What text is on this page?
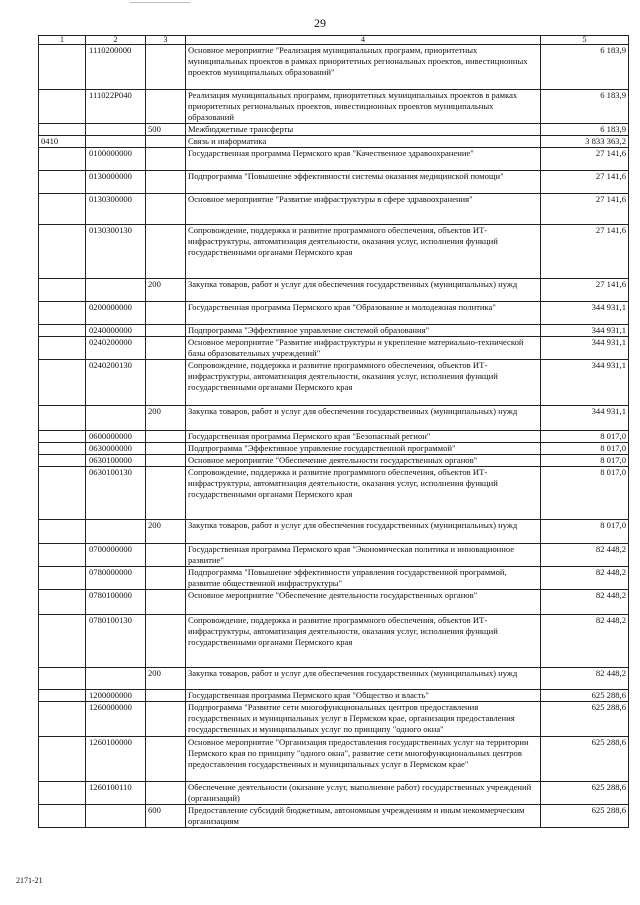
29
1	2	3	4	5
	1110200000		Основное мероприятие "Реализация муниципальных программ, приоритетных муниципальных проектов в рамках приоритетных региональных проектов, инвестиционных проектов муниципальных образований"	6 183,9
	111022P040		Реализация муниципальных программ, приоритетных муниципальных проектов в рамках приоритетных региональных проектов, инвестиционных проектов муниципальных образований	6 183,9
		500	Межбюджетные трансферты	6 183,9
0410			Связь и информатика	3 833 363,2
	0100000000		Государственная программа Пермского края "Качественное здравоохранение"	27 141,6
	0130000000		Подпрограмма "Повышение эффективности системы оказания медицинской помощи"	27 141,6
	0130300000		Основное мероприятие "Развитие инфраструктуры в сфере здравоохранения"	27 141,6
	0130300130		Сопровождение, поддержка и развитие программного обеспечения, объектов ИТ-инфраструктуры, автоматизация деятельности, оказания услуг, исполнения функций государственными органами Пермского края	27 141,6
		200	Закупка товаров, работ и услуг для обеспечения государственных (муниципальных) нужд	27 141,6
	0200000000		Государственная программа Пермского края "Образование и молодежная политика"	344 931,1
	0240000000		Подпрограмма "Эффективное управление системой образования"	344 931,1
	0240200000		Основное мероприятие "Развитие инфраструктуры и укрепление материально-технической базы образовательных учреждений"	344 931,1
	0240200130		Сопровождение, поддержка и развитие программного обеспечения, объектов ИТ-инфраструктуры, автоматизация деятельности, оказания услуг, исполнения функций государственными органами Пермского края	344 931,1
		200	Закупка товаров, работ и услуг для обеспечения государственных (муниципальных) нужд	344 931,1
	0600000000		Государственная программа Пермского края "Безопасный регион"	8 017,0
	0630000000		Подпрограмма "Эффективное управление государственной программой"	8 017,0
	0630100000		Основное мероприятие "Обеспечение деятельности государственных органов"	8 017,0
	0630100130		Сопровождение, поддержка и развитие программного обеспечения, объектов ИТ-инфраструктуры, автоматизация деятельности, оказания услуг, исполнения функций государственными органами Пермского края	8 017,0
		200	Закупка товаров, работ и услуг для обеспечения государственных (муниципальных) нужд	8 017,0
	0700000000		Государственная программа Пермского края "Экономическая политика и инновационное развитие"	82 448,2
	0780000000		Подпрограмма "Повышение эффективности управления государственной программой, развитие общественной инфраструктуры"	82 448,2
	0780100000		Основное мероприятие "Обеспечение деятельности государственных органов"	82 448,2
	0780100130		Сопровождение, поддержка и развитие программного обеспечения, объектов ИТ-инфраструктуры, автоматизация деятельности, оказания услуг, исполнения функций государственными органами Пермского края	82 448,2
		200	Закупка товаров, работ и услуг для обеспечения государственных (муниципальных) нужд	82 448,2
	1200000000		Государственная программа Пермского края "Общество и власть"	625 288,6
	1260000000		Подпрограмма "Развитие сети многофункциональных центров предоставления государственных и муниципальных услуг в Пермском крае, организация предоставления государственных и муниципальных услуг по принципу "одного окна"	625 288,6
	1260100000		Основное мероприятие "Организация предоставления государственных услуг на территории Пермского края по принципу "одного окна", развитие сети многофункциональных центров предоставления государственных и муниципальных услуг в Пермском крае"	625 288,6
	1260100110		Обеспечение деятельности (оказание услуг, выполнение работ) государственных учреждений (организаций)	625 288,6
		600	Предоставление субсидий бюджетным, автономным учреждениям и иным некоммерческим организациям	625 288,6
2171-21
